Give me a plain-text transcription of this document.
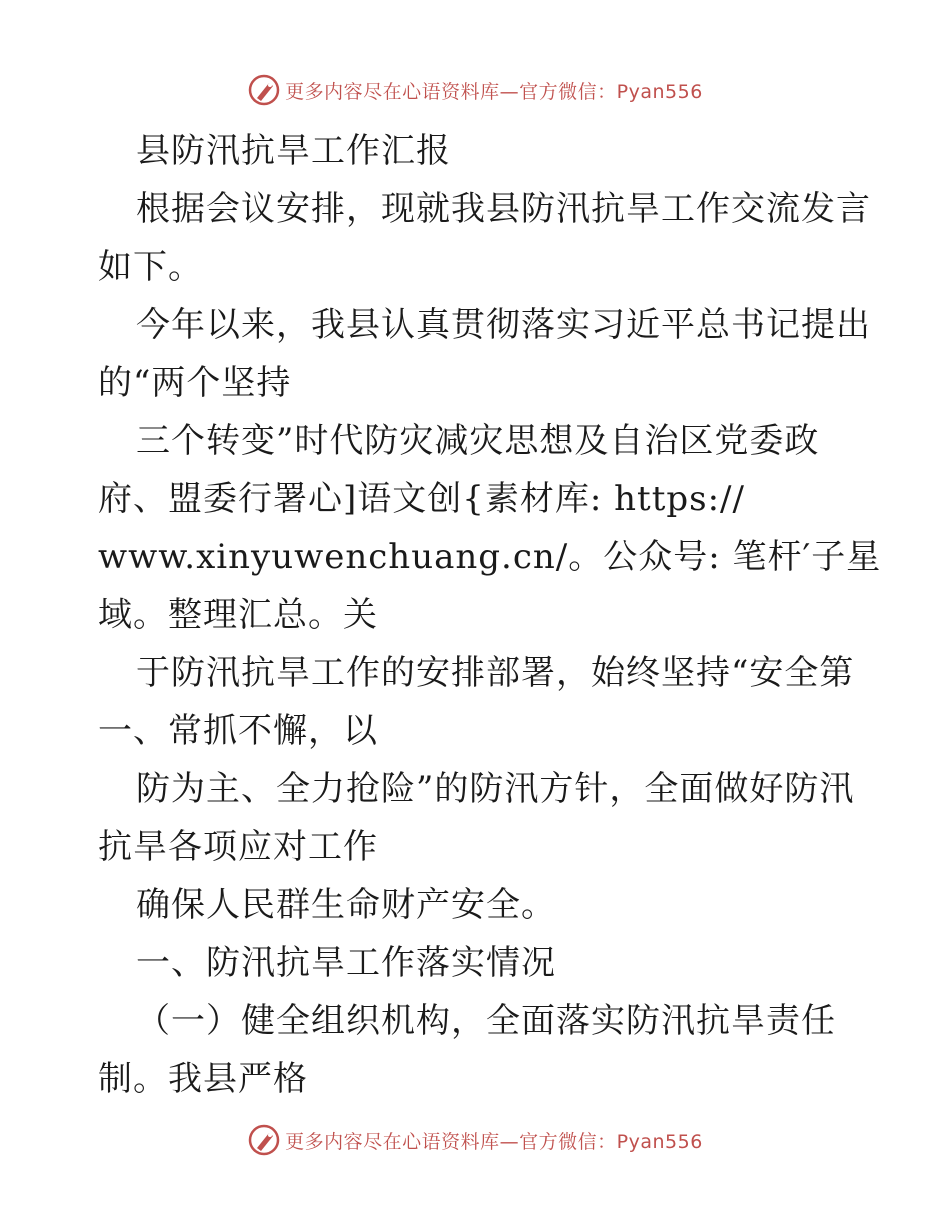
更多内容尽在心语资料库—官方微信：Pyan556
县防汛抗旱工作汇报
根据会议安排，现就我县防汛抗旱工作交流发言
如下。
今年以来，我县认真贯彻落实习近平总书记提出
的“两个坚持
三个转变”时代防灾减灾思想及自治区党委政
府、盟委行署心]语文创{素材库: https://
www.xinyuwenchuang.cn/。公众号: 笔杆′子星
域。整理汇总。关
于防汛抗旱工作的安排部署，始终坚持“安全第
一、常抓不懈，以
防为主、全力抢险”的防汛方针，全面做好防汛
抗旱各项应对工作
确保人民群生命财产安全。
一、防汛抗旱工作落实情况
（一）健全组织机构，全面落实防汛抗旱责任
制。我县严格
更多内容尽在心语资料库—官方微信：Pyan556
